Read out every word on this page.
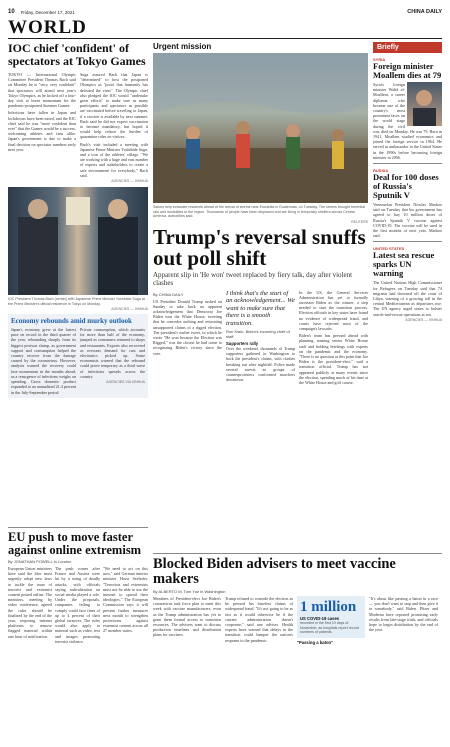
10 Friday, December 17, 2021	CHINA DAILY
WORLD
IOC chief 'confident' of spectators at Tokyo Games

TOKYO — International Olympic Committee President Thomas Bach said on Monday he is "very, very confident" that spectators will attend next year's Tokyo Olympics, as he kicked off a four-day visit to boost momentum for the pandemic-postponed Summer Games.

Infections have fallen in Japan and lockdowns have been eased, and the IOC chief said he was "more confident than ever" that the Games would be a success, welcoming athletes and fans alike. Japan's government is due to make a final decision on spectator numbers early next year.

Suga assured Bach that Japan is "determined" to host the postponed Olympics as "proof that humanity has defeated the virus". The Olympic chief also pledged the IOC would "undertake great efforts" to make sure as many participants and spectators as possible are vaccinated before traveling to Japan, if a vaccine is available by next summer. Bach said he did not expect vaccination to become mandatory, but hoped it would help reduce the burden of quarantine rules on visitors.

Bach's visit included a meeting with Japanese Prime Minister Yoshihide Suga, and a tour of the athletes' village. "We are working with a huge and vast number of experts and stakeholders to create a safe environment for everybody," Bach said.

AGENCIES — XINHUA
IOC President Thomas Bach (center) with Japanese Prime Minister Yoshihide Suga at the Prime Minister's official residence in Tokyo on Monday.
AGENCIES — XINHUA
Economy rebounds amid murky outlook

Japan's economy grew at the fastest pace on record in the third quarter of the year, rebounding sharply from its biggest postwar slump, as government support and consumption helped the country recover from the damage caused by the coronavirus. However, analysts warned the recovery could lose momentum in the months ahead, as a resurgence of infections weighs on spending. Gross domestic product expanded at an annualized 21.4 percent in the July-September period.

Private consumption, which accounts for more than half of the economy, jumped as consumers returned to shops and restaurants. Exports also recovered as overseas demand for cars and electronics picked up. Some economists warned that the rebound could prove temporary as a third wave of infections spreads across the country.

AGENCIES VIA XINHUA
EU push to move faster against online extremism
By JONATHAN POWELL in London

European Union ministers have said the bloc must urgently adopt new laws to tackle the issue of terrorist and extremist content posted online. The ministers, meeting by video conference, agreed the rules should be finalized by the end of the year, requiring internet platforms to remove flagged material within one hour of notification.

The push comes after France and Austria were hit by a string of deadly attacks, with officials saying radicalization on social media played a role. Under the proposals, companies failing to comply could face fines of up to 4 percent of their global turnover. The rules would also apply to material such as video, text and images promoting terrorist violence.

"We need to act on this now," said German interior minister Horst Seehofer. "Terrorists and extremists must not be able to use the internet to spread their ideologies." The European Commission says it will present further measures next month to strengthen protections against extremist content across all 27 member states.

Urgent mission
Sailors help evacuate residents ahead of the arrival of storms near Escuintla in Guatemala, on Tuesday. The storms brought torrential rain and mudslides to the region. Thousands of people have been displaced and are living in temporary shelters across Central America, authorities said.
REUTERS
Trump's reversal snuffs out poll shift
Apparent slip in 'He won' tweet replaced by fiery talk, day after violent clashes
By CHINA DAILY

US President Donald Trump rushed on Sunday to take back an apparent acknowledgement that Democrat Joe Biden won the White House, tweeting that he concedes nothing and reiterating unsupported claims of a rigged election. The president's earlier tweet, in which he wrote "He won because the Election was Rigged," was the closest he had come to recognizing Biden's victory since the vote.

I think that's the start of an acknowledgement... We want to make sure that there is a smooth transition.
Ron Klain, Biden's incoming chief of staff
Supporters rally

Over the weekend, thousands of Trump supporters gathered in Washington to back the president's claims, with clashes breaking out after nightfall. Police made several arrests as groups of counterprotesters confronted marchers downtown.

In the US, the General Services Administration has yet to formally ascertain Biden as the winner, a step needed to start the transition process. Election officials in key states have found no evidence of widespread fraud, and courts have rejected most of the campaign's lawsuits.

Biden's team has pressed ahead with planning, naming senior White House staff and holding briefings with experts on the pandemic and the economy. "There is no question at this point that Joe Biden is the president-elect," said a transition official. Trump has not appeared publicly at many events since the election, spending much of his time at the White House and golf course.

Blocked Biden advisers to meet vaccine makers
By ALBERTO M. Tom Yue in Washington

Members of President-elect Joe Biden's coronavirus task force plan to meet this week with vaccine manufacturers, even as the Trump administration has yet to grant them formal access to transition resources. The advisers want to discuss production timelines and distribution plans for vaccines.

Trump refused to concede the election as he pressed his baseless claims of widespread fraud. "It's not going to be as fast as it would otherwise be if the current administration doesn't cooperate," said one adviser. Health experts have warned that delays in the transition could hamper the nation's response to the pandemic.

1 million
US COVID-19 cases
recorded in the first 10 days of November, as hospitals report record numbers of patients.
"Passing a baton"

"It's about like passing a baton in a race — you don't want to stop and then give it to somebody," said Biden. Pfizer and Moderna have reported promising early results from late-stage trials, and officials hope to begin distribution by the end of the year.

Briefly
SYRIA
Foreign minister Moallem dies at 79

Syria's foreign minister Walid al-Moallem, a career diplomat who became one of the country's most prominent faces on the world stage during the civil war, died on Monday. He was 79. Born in 1941, Moallem studied economics and joined the foreign service in 1964. He served as ambassador to the United States in the 1990s before becoming foreign minister in 2006.

RUSSIA
Deal for 100 doses of Russia's Sputnik V

Venezuelan President Nicolas Maduro said on Tuesday that his government has agreed to buy 10 million doses of Russia's Sputnik V vaccine against COVID-19. The vaccine will be used in the first months of next year, Maduro said.

UNITED STATES
Latest sea rescue sparks UN warning

The United Nations High Commissioner for Refugees on Tuesday said that 74 migrants had drowned off the coast of Libya, warning of a growing toll in the central Mediterranean as departures rise. The UN agency urged states to bolster search-and-rescue operations at sea.

AGENCIES — XINHUA
